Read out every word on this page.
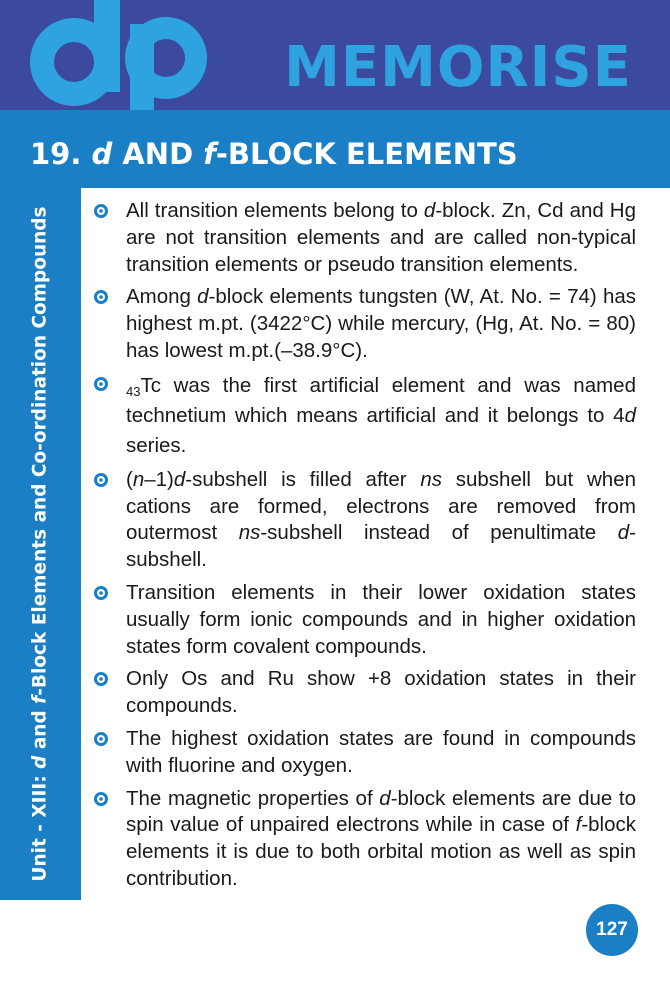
MEMORISE
19. d AND f-BLOCK ELEMENTS
Unit - XIII: d and f-Block Elements and Co-ordination Compounds	All transition elements belong to d-block. Zn, Cd and Hg are not transition elements and are called non-typical transition elements or pseudo transition elements.
Among d-block elements tungsten (W, At. No. = 74) has highest m.pt. (3422°C) while mercury, (Hg, At. No. = 80) has lowest m.pt.(–38.9°C).
$_{43}$Tc was the first artificial element and was named technetium which means artificial and it belongs to 4d series.
(n–1)d-subshell is filled after ns subshell but when cations are formed, electrons are removed from outermost ns-subshell instead of penultimate d-subshell.
Transition elements in their lower oxidation states usually form ionic compounds and in higher oxidation states form covalent compounds.
Only Os and Ru show +8 oxidation states in their compounds.
The highest oxidation states are found in compounds with fluorine and oxygen.
The magnetic properties of d-block elements are due to spin value of unpaired electrons while in case of f-block elements it is due to both orbital motion as well as spin contribution.
127
